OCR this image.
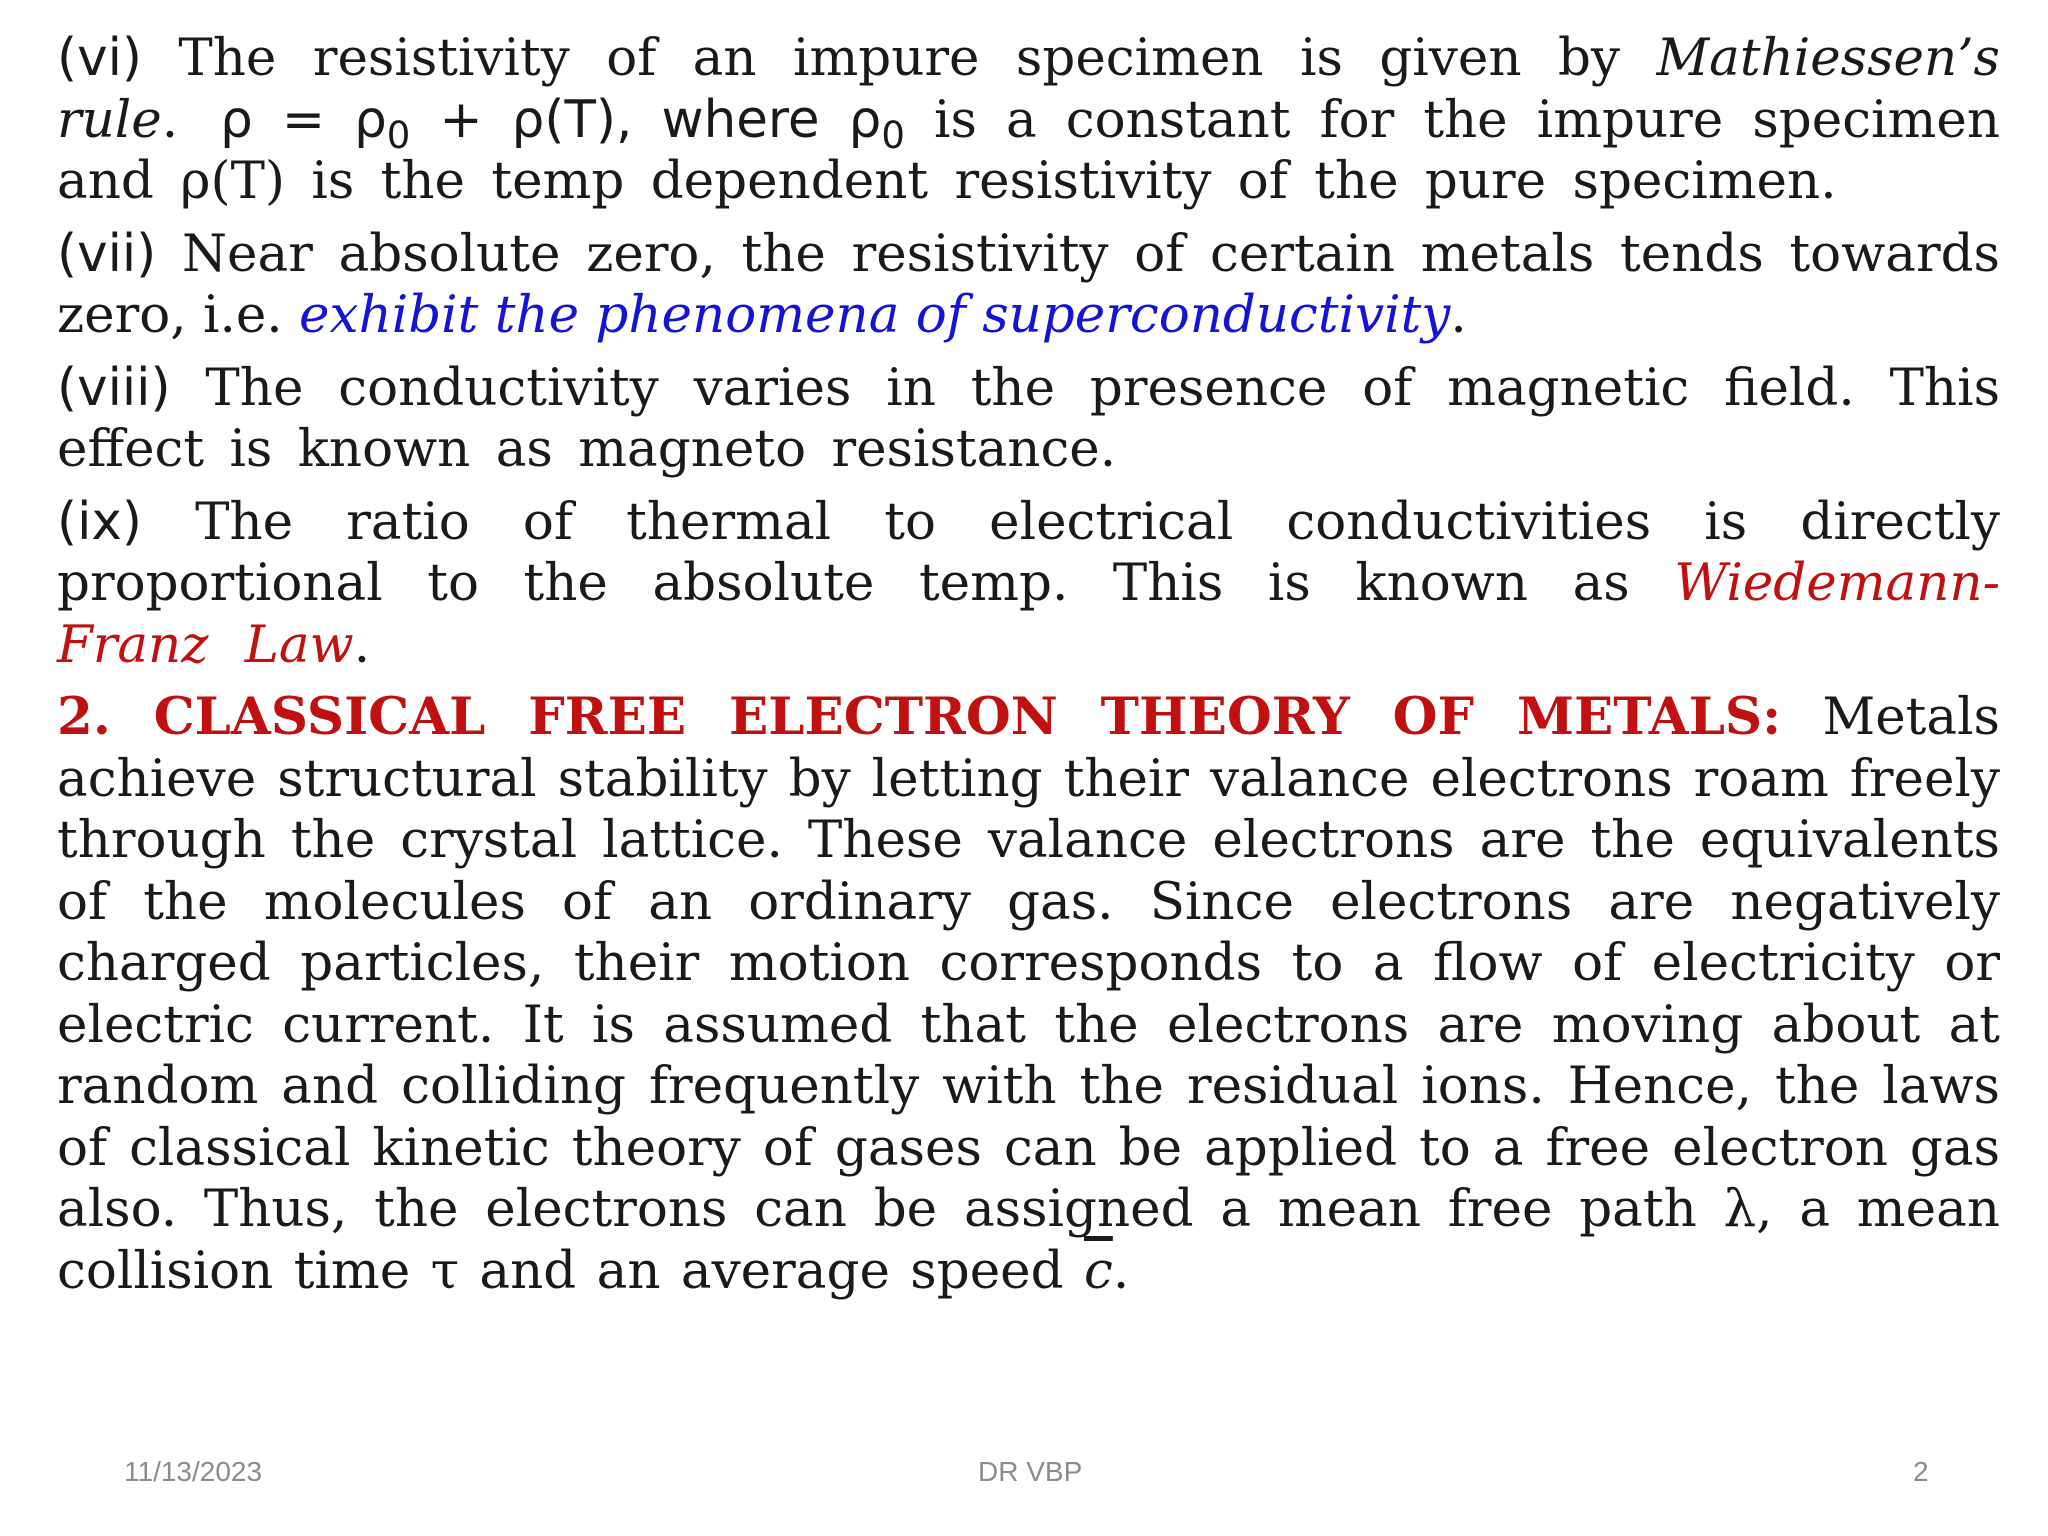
(vi) The resistivity of an impure specimen is given by Mathiessen’s rule. $\rho = \rho_0 + \rho(T)$, where $\rho_0$ is a constant for the impure specimen and ρ(T) is the temp dependent resistivity of the pure specimen.

(vii) Near absolute zero, the resistivity of certain metals tends towards zero, i.e. exhibit the phenomena of superconductivity.

(viii) The conductivity varies in the presence of magnetic field. This effect is known as magneto resistance.

(ix) The ratio of thermal to electrical conductivities is directly proportional to the absolute temp. This is known as Wiedemann-Franz Law.

2. CLASSICAL FREE ELECTRON THEORY OF METALS: Metals achieve structural stability by letting their valance electrons roam freely through the crystal lattice. These valance electrons are the equivalents of the molecules of an ordinary gas. Since electrons are negatively charged particles, their motion corresponds to a flow of electricity or electric current. It is assumed that the electrons are moving about at random and colliding frequently with the residual ions. Hence, the laws of classical kinetic theory of gases can be applied to a free electron gas also. Thus, the electrons can be assigned a mean free path λ, a mean collision time τ and an average speed $\overline{c}$.

11/13/2023	DR VBP	2
